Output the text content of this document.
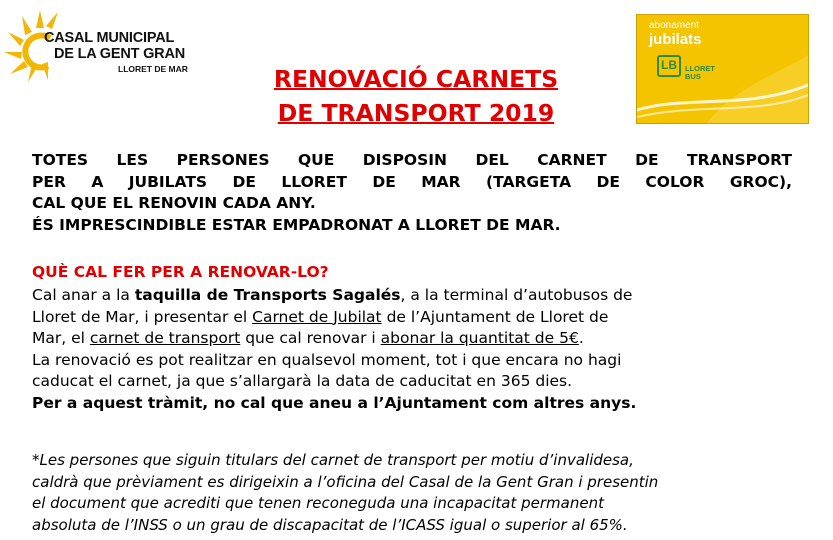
CASAL MUNICIPAL
DE LA GENT GRAN
LLORET DE MAR
abonament
jubilats
LB LLORET
BUS
RENOVACIÓ CARNETS
DE TRANSPORT 2019
TOTES LES PERSONES QUE DISPOSIN DEL CARNET DE TRANSPORT
PER A JUBILATS DE LLORET DE MAR (TARGETA DE COLOR GROC),
CAL QUE EL RENOVIN CADA ANY.
ÉS IMPRESCINDIBLE ESTAR EMPADRONAT A LLORET DE MAR.
QUÈ CAL FER PER A RENOVAR-LO?
Cal anar a la taquilla de Transports Sagalés, a la terminal d’autobusos de
Lloret de Mar, i presentar el Carnet de Jubilat de l’Ajuntament de Lloret de
Mar, el carnet de transport que cal renovar i abonar la quantitat de 5€.
La renovació es pot realitzar en qualsevol moment, tot i que encara no hagi
caducat el carnet, ja que s’allargarà la data de caducitat en 365 dies.
Per a aquest tràmit, no cal que aneu a l’Ajuntament com altres anys.
*Les persones que siguin titulars del carnet de transport per motiu d’invalidesa,
caldrà que prèviament es dirigeixin a l’oficina del Casal de la Gent Gran i presentin
el document que acrediti que tenen reconeguda una incapacitat permanent
absoluta de l’INSS o un grau de discapacitat de l’ICASS igual o superior al 65%.
